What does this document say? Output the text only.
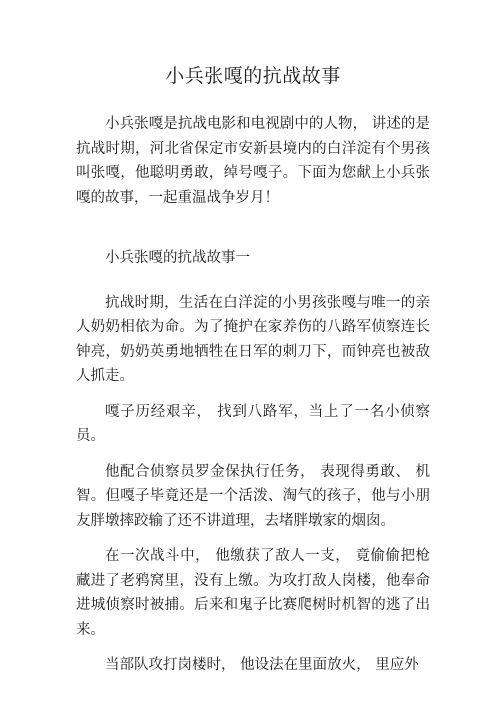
小兵张嘎的抗战故事

小兵张嘎是抗战电影和电视剧中的人物， 讲述的是抗战时期，河北省保定市安新县境内的白洋淀有个男孩叫张嘎，他聪明勇敢，绰号嘎子。下面为您献上小兵张嘎的故事，一起重温战争岁月！

小兵张嘎的抗战故事一

抗战时期，生活在白洋淀的小男孩张嘎与唯一的亲人奶奶相依为命。为了掩护在家养伤的八路军侦察连长钟亮，奶奶英勇地牺牲在日军的刺刀下，而钟亮也被敌人抓走。

嘎子历经艰辛， 找到八路军，当上了一名小侦察员。

他配合侦察员罗金保执行任务， 表现得勇敢、 机智。但嘎子毕竟还是一个活泼、淘气的孩子，他与小朋友胖墩摔跤输了还不讲道理，去堵胖墩家的烟囱。

在一次战斗中， 他缴获了敌人一支， 竟偷偷把枪藏进了老鸦窝里，没有上缴。为攻打敌人岗楼，他奉命进城侦察时被捕。后来和鬼子比赛爬树时机智的逃了出来。

当部队攻打岗楼时， 他设法在里面放火， 里应外
